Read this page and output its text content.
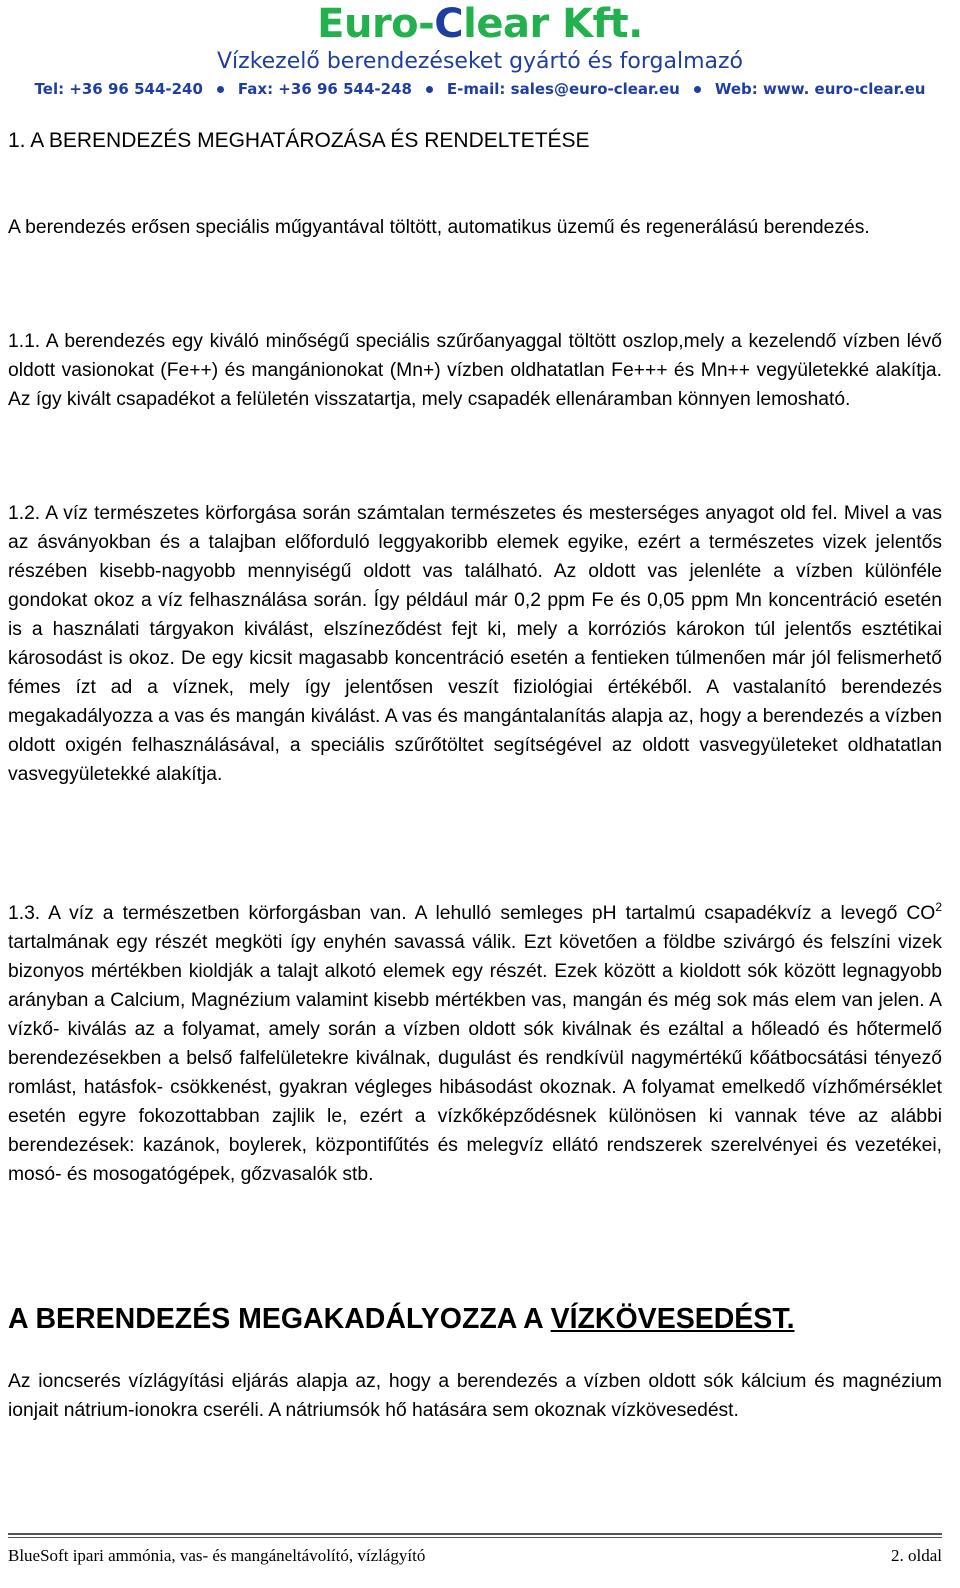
Euro-Clear Kft.
Vízkezelő berendezéseket gyártó és forgalmazó
Tel: +36 96 544-240 Fax: +36 96 544-248 E-mail: sales@euro-clear.eu Web: www. euro-clear.eu
1. A BERENDEZÉS MEGHATÁROZÁSA ÉS RENDELTETÉSE
A berendezés erősen speciális műgyantával töltött, automatikus üzemű és regenerálású berendezés.
1.1. A berendezés egy kiváló minőségű speciális szűrőanyaggal töltött oszlop,mely a kezelendő vízben lévő oldott vasionokat (Fe++) és mangánionokat (Mn+) vízben oldhatatlan Fe+++ és Mn++ vegyületekké alakítja. Az így kivált csapadékot a felületén visszatartja, mely csapadék ellenáramban könnyen lemosható.
1.2. A víz természetes körforgása során számtalan természetes és mesterséges anyagot old fel. Mivel a vas az ásványokban és a talajban előforduló leggyakoribb elemek egyike, ezért a természetes vizek jelentős részében kisebb-nagyobb mennyiségű oldott vas található. Az oldott vas jelenléte a vízben különféle gondokat okoz a víz felhasználása során. Így például már 0,2 ppm Fe és 0,05 ppm Mn koncentráció esetén is a használati tárgyakon kiválást, elszíneződést fejt ki, mely a korróziós károkon túl jelentős esztétikai károsodást is okoz. De egy kicsit magasabb koncentráció esetén a fentieken túlmenően már jól felismerhető fémes ízt ad a víznek, mely így jelentősen veszít fiziológiai értékéből. A vastalanító berendezés megakadályozza a vas és mangán kiválást. A vas és mangántalanítás alapja az, hogy a berendezés a vízben oldott oxigén felhasználásával, a speciális szűrőtöltet segítségével az oldott vasvegyületeket oldhatatlan vasvegyületekké alakítja.
1.3. A víz a természetben körforgásban van. A lehulló semleges pH tartalmú csapadékvíz a levegő $CO^2$ tartalmának egy részét megköti így enyhén savassá válik. Ezt követően a földbe szivárgó és felszíni vizek bizonyos mértékben kioldják a talajt alkotó elemek egy részét. Ezek között a kioldott sók között legnagyobb arányban a Calcium, Magnézium valamint kisebb mértékben vas, mangán és még sok más elem van jelen. A vízkő- kiválás az a folyamat, amely során a vízben oldott sók kiválnak és ezáltal a hőleadó és hőtermelő berendezésekben a belső falfelületekre kiválnak, dugulást és rendkívül nagymértékű kőátbocsátási tényező romlást, hatásfok- csökkenést, gyakran végleges hibásodást okoznak. A folyamat emelkedő vízhőmérséklet esetén egyre fokozottabban zajlik le, ezért a vízkőképződésnek különösen ki vannak téve az alábbi berendezések: kazánok, boylerek, központifűtés és melegvíz ellátó rendszerek szerelvényei és vezetékei, mosó- és mosogatógépek, gőzvasalók stb.
A BERENDEZÉS MEGAKADÁLYOZZA A VÍZKÖVESEDÉST.
Az ioncserés vízlágyítási eljárás alapja az, hogy a berendezés a vízben oldott sók kálcium és magnézium ionjait nátrium-ionokra cseréli. A nátriumsók hő hatására sem okoznak vízkövesedést.
BlueSoft ipari ammónia, vas- és mangáneltávolító, vízlágyító	2. oldal
